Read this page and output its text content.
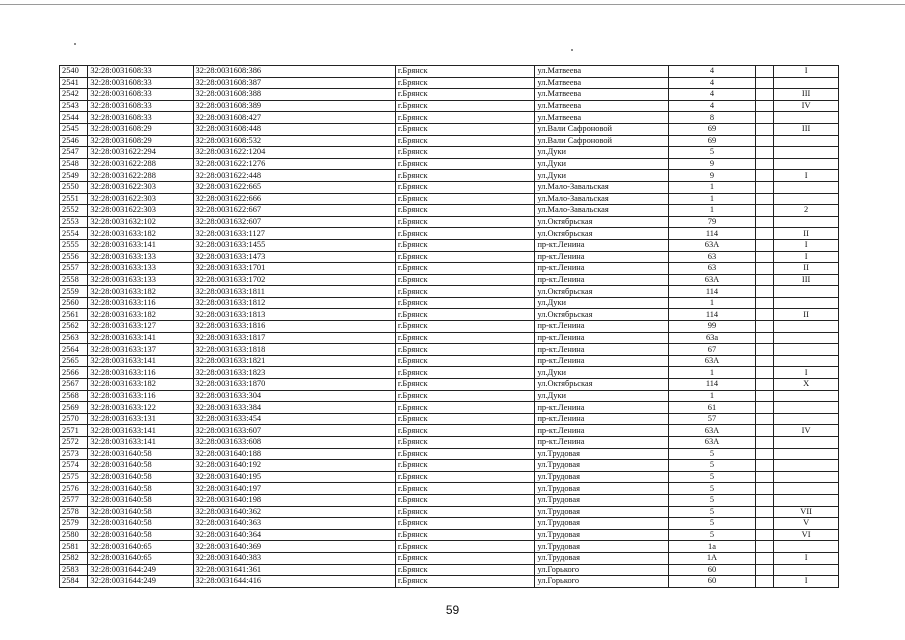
2540	32:28:0031608:33	32:28:0031608:386	г.Брянск	ул.Матвеева	4		I
2541	32:28:0031608:33	32:28:0031608:387	г.Брянск	ул.Матвеева	4		
2542	32:28:0031608:33	32:28:0031608:388	г.Брянск	ул.Матвеева	4		III
2543	32:28:0031608:33	32:28:0031608:389	г.Брянск	ул.Матвеева	4		IV
2544	32:28:0031608:33	32:28:0031608:427	г.Брянск	ул.Матвеева	8		
2545	32:28:0031608:29	32:28:0031608:448	г.Брянск	ул.Вали Сафроновой	69		III
2546	32:28:0031608:29	32:28:0031608:532	г.Брянск	ул.Вали Сафроновой	69		
2547	32:28:0031622:294	32:28:0031622:1204	г.Брянск	ул.Дуки	5		
2548	32:28:0031622:288	32:28:0031622:1276	г.Брянск	ул.Дуки	9		
2549	32:28:0031622:288	32:28:0031622:448	г.Брянск	ул.Дуки	9		I
2550	32:28:0031622:303	32:28:0031622:665	г.Брянск	ул.Мало-Завальская	1		
2551	32:28:0031622:303	32:28:0031622:666	г.Брянск	ул.Мало-Завальская	1		
2552	32:28:0031622:303	32:28:0031622:667	г.Брянск	ул.Мало-Завальская	1		2
2553	32:28:0031632:102	32:28:0031632:607	г.Брянск	ул.Октябрьская	79		
2554	32:28:0031633:182	32:28:0031633:1127	г.Брянск	ул.Октябрьская	114		II
2555	32:28:0031633:141	32:28:0031633:1455	г.Брянск	пр-кт.Ленина	63А		I
2556	32:28:0031633:133	32:28:0031633:1473	г.Брянск	пр-кт.Ленина	63		I
2557	32:28:0031633:133	32:28:0031633:1701	г.Брянск	пр-кт.Ленина	63		II
2558	32:28:0031633:133	32:28:0031633:1702	г.Брянск	пр-кт.Ленина	63А		III
2559	32:28:0031633:182	32:28:0031633:1811	г.Брянск	ул.Октябрьская	114		
2560	32:28:0031633:116	32:28:0031633:1812	г.Брянск	ул.Дуки	1		
2561	32:28:0031633:182	32:28:0031633:1813	г.Брянск	ул.Октябрьская	114		II
2562	32:28:0031633:127	32:28:0031633:1816	г.Брянск	пр-кт.Ленина	99		
2563	32:28:0031633:141	32:28:0031633:1817	г.Брянск	пр-кт.Ленина	63а		
2564	32:28:0031633:137	32:28:0031633:1818	г.Брянск	пр-кт.Ленина	67		
2565	32:28:0031633:141	32:28:0031633:1821	г.Брянск	пр-кт.Ленина	63А		
2566	32:28:0031633:116	32:28:0031633:1823	г.Брянск	ул.Дуки	1		I
2567	32:28:0031633:182	32:28:0031633:1870	г.Брянск	ул.Октябрьская	114		X
2568	32:28:0031633:116	32:28:0031633:304	г.Брянск	ул.Дуки	1		
2569	32:28:0031633:122	32:28:0031633:384	г.Брянск	пр-кт.Ленина	61		
2570	32:28:0031633:131	32:28:0031633:454	г.Брянск	пр-кт.Ленина	57		
2571	32:28:0031633:141	32:28:0031633:607	г.Брянск	пр-кт.Ленина	63А		IV
2572	32:28:0031633:141	32:28:0031633:608	г.Брянск	пр-кт.Ленина	63А		
2573	32:28:0031640:58	32:28:0031640:188	г.Брянск	ул.Трудовая	5		
2574	32:28:0031640:58	32:28:0031640:192	г.Брянск	ул.Трудовая	5		
2575	32:28:0031640:58	32:28:0031640:195	г.Брянск	ул.Трудовая	5		
2576	32:28:0031640:58	32:28:0031640:197	г.Брянск	ул.Трудовая	5		
2577	32:28:0031640:58	32:28:0031640:198	г.Брянск	ул.Трудовая	5		
2578	32:28:0031640:58	32:28:0031640:362	г.Брянск	ул.Трудовая	5		VII
2579	32:28:0031640:58	32:28:0031640:363	г.Брянск	ул.Трудовая	5		V
2580	32:28:0031640:58	32:28:0031640:364	г.Брянск	ул.Трудовая	5		VI
2581	32:28:0031640:65	32:28:0031640:369	г.Брянск	ул.Трудовая	1а		
2582	32:28:0031640:65	32:28:0031640:383	г.Брянск	ул.Трудовая	1А		I
2583	32:28:0031644:249	32:28:0031641:361	г.Брянск	ул.Горького	60		
2584	32:28:0031644:249	32:28:0031644:416	г.Брянск	ул.Горького	60		I
59
